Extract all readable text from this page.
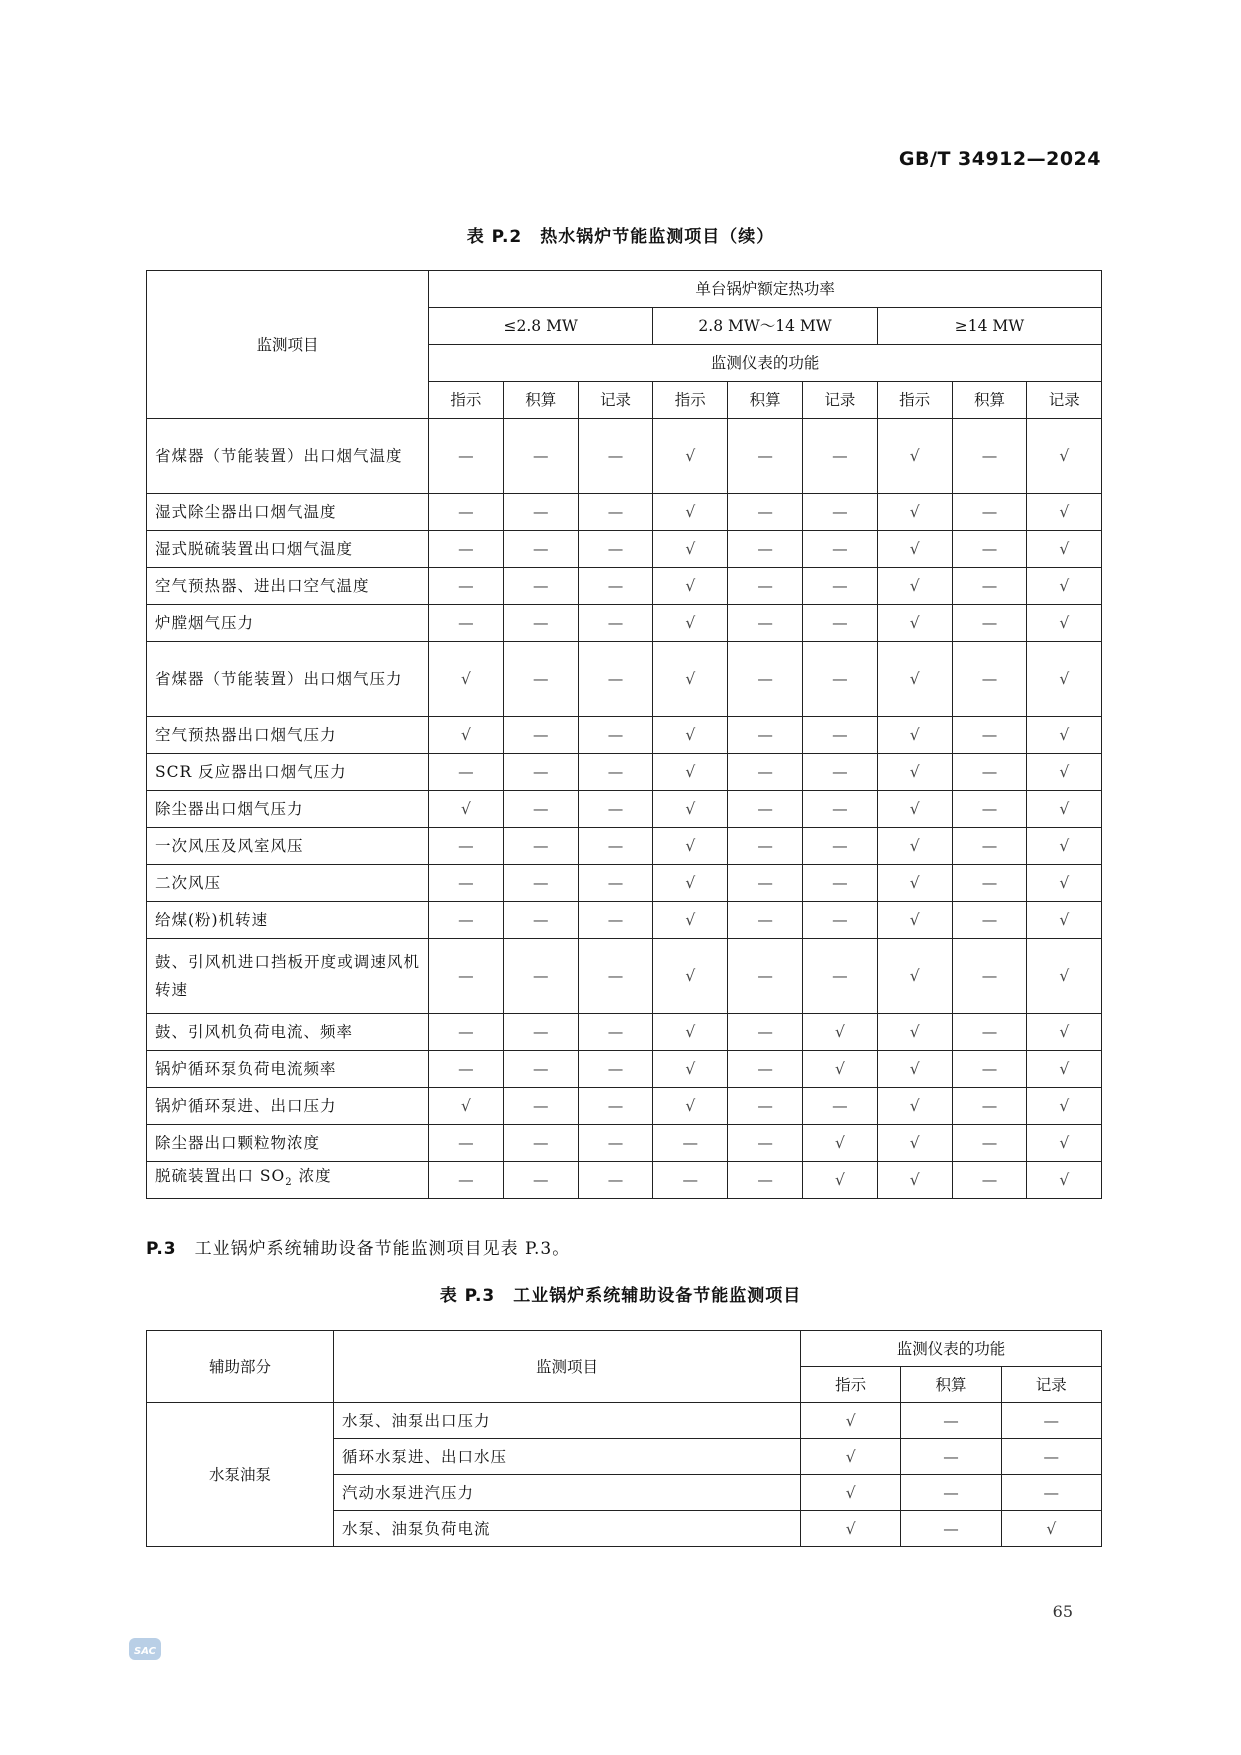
GB/T 34912—2024
表 P.2　热水锅炉节能监测项目（续）
监测项目	单台锅炉额定热功率								
	≤2.8 MW			2.8 MW～14 MW			≥14 MW		
	监测仪表的功能								
	指示	积算	记录	指示	积算	记录	指示	积算	记录
省煤器（节能装置）出口烟气温度	—	—	—	√	—	—	√	—	√
湿式除尘器出口烟气温度	—	—	—	√	—	—	√	—	√
湿式脱硫装置出口烟气温度	—	—	—	√	—	—	√	—	√
空气预热器、进出口空气温度	—	—	—	√	—	—	√	—	√
炉膛烟气压力	—	—	—	√	—	—	√	—	√
省煤器（节能装置）出口烟气压力	√	—	—	√	—	—	√	—	√
空气预热器出口烟气压力	√	—	—	√	—	—	√	—	√
SCR 反应器出口烟气压力	—	—	—	√	—	—	√	—	√
除尘器出口烟气压力	√	—	—	√	—	—	√	—	√
一次风压及风室风压	—	—	—	√	—	—	√	—	√
二次风压	—	—	—	√	—	—	√	—	√
给煤(粉)机转速	—	—	—	√	—	—	√	—	√
鼓、引风机进口挡板开度或调速风机转速	—	—	—	√	—	—	√	—	√
鼓、引风机负荷电流、频率	—	—	—	√	—	√	√	—	√
锅炉循环泵负荷电流频率	—	—	—	√	—	√	√	—	√
锅炉循环泵进、出口压力	√	—	—	√	—	—	√	—	√
除尘器出口颗粒物浓度	—	—	—	—	—	√	√	—	√
脱硫装置出口 $SO_2$ 浓度	—	—	—	—	—	√	√	—	√
P.3 工业锅炉系统辅助设备节能监测项目见表 P.3。
表 P.3　工业锅炉系统辅助设备节能监测项目
辅助部分	监测项目	监测仪表的功能		
		指示	积算	记录
水泵油泵	水泵、油泵出口压力	√	—	—
	循环水泵进、出口水压	√	—	—
	汽动水泵进汽压力	√	—	—
	水泵、油泵负荷电流	√	—	√
65
SAC
